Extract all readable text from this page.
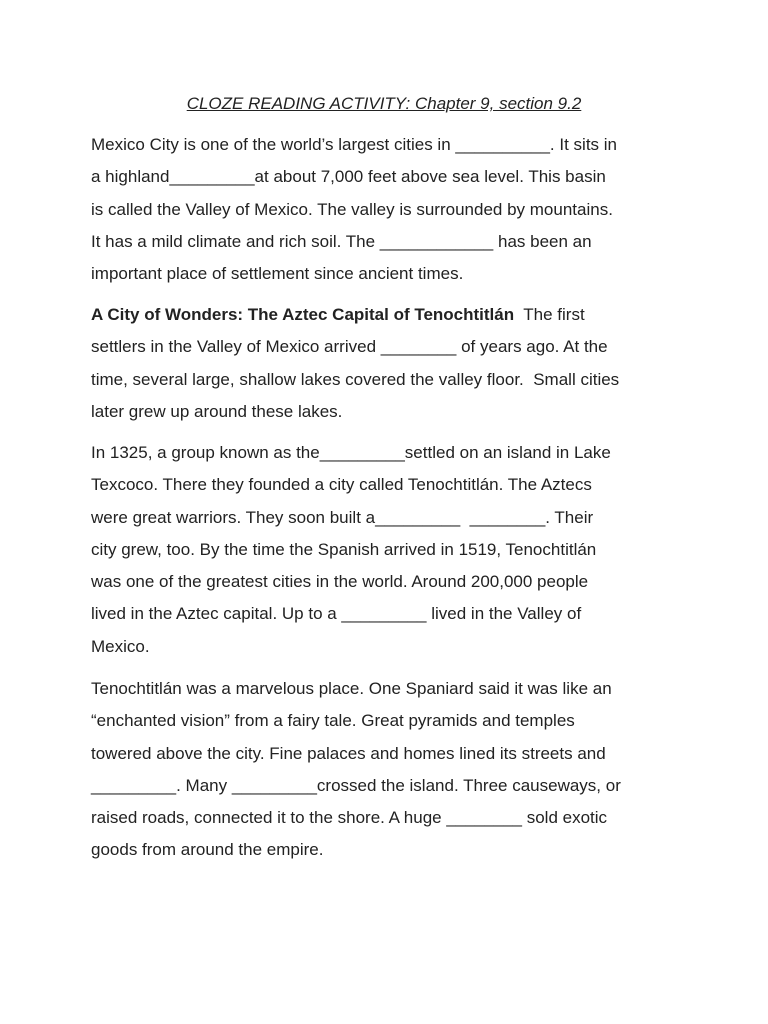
CLOZE READING ACTIVITY: Chapter 9, section 9.2
Mexico City is one of the world’s largest cities in __________. It sits in
a highland_________at about 7,000 feet above sea level. This basin
is called the Valley of Mexico. The valley is surrounded by mountains.
It has a mild climate and rich soil. The ____________ has been an
important place of settlement since ancient times.
A City of Wonders: The Aztec Capital of Tenochtitlán  The first
settlers in the Valley of Mexico arrived ________ of years ago. At the
time, several large, shallow lakes covered the valley floor.  Small cities
later grew up around these lakes.
In 1325, a group known as the_________settled on an island in Lake
Texcoco. There they founded a city called Tenochtitlán. The Aztecs
were great warriors. They soon built a_________  ________. Their
city grew, too. By the time the Spanish arrived in 1519, Tenochtitlán
was one of the greatest cities in the world. Around 200,000 people
lived in the Aztec capital. Up to a _________ lived in the Valley of
Mexico.
Tenochtitlán was a marvelous place. One Spaniard said it was like an
“enchanted vision” from a fairy tale. Great pyramids and temples
towered above the city. Fine palaces and homes lined its streets and
_________. Many _________crossed the island. Three causeways, or
raised roads, connected it to the shore. A huge ________ sold exotic
goods from around the empire.
